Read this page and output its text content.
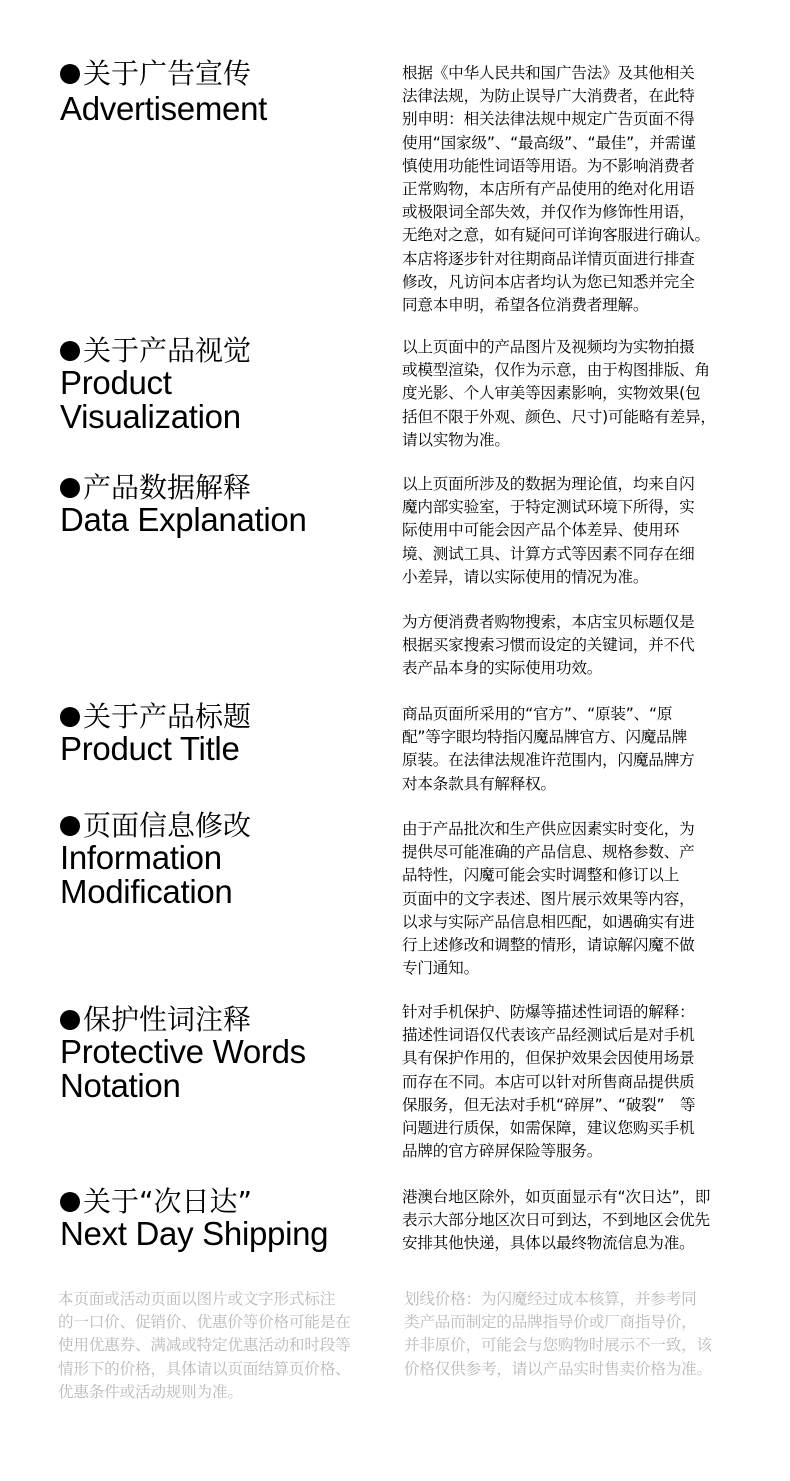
关于广告宣传
Advertisement
根据《中华人民共和国广告法》及其他相关
法律法规，为防止误导广大消费者，在此特
别申明：相关法律法规中规定广告页面不得
使用“国家级”、“最高级”、“最佳”，并需谨
慎使用功能性词语等用语。为不影响消费者
正常购物，本店所有产品使用的绝对化用语
或极限词全部失效，并仅作为修饰性用语，
无绝对之意，如有疑问可详询客服进行确认。
本店将逐步针对往期商品详情页面进行排查
修改，凡访问本店者均认为您已知悉并完全
同意本申明，希望各位消费者理解。
关于产品视觉
Product
Visualization
以上页面中的产品图片及视频均为实物拍摄
或模型渲染，仅作为示意，由于构图排版、角
度光影、个人审美等因素影响，实物效果(包
括但不限于外观、颜色、尺寸)可能略有差异，
请以实物为准。
产品数据解释
Data Explanation
以上页面所涉及的数据为理论值，均来自闪
魔内部实验室，于特定测试环境下所得，实
际使用中可能会因产品个体差异、使用环
境、测试工具、计算方式等因素不同存在细
小差异，请以实际使用的情况为准。
为方便消费者购物搜索，本店宝贝标题仅是
根据买家搜索习惯而设定的关键词，并不代
表产品本身的实际使用功效。
关于产品标题
Product Title
商品页面所采用的“官方”、“原装”、“原
配”等字眼均特指闪魔品牌官方、闪魔品牌
原装。在法律法规准许范围内，闪魔品牌方
对本条款具有解释权。
页面信息修改
Information
Modification
由于产品批次和生产供应因素实时变化，为
提供尽可能准确的产品信息、规格参数、产
品特性，闪魔可能会实时调整和修订以上
页面中的文字表述、图片展示效果等内容，
以求与实际产品信息相匹配，如遇确实有进
行上述修改和调整的情形，请谅解闪魔不做
专门通知。
保护性词注释
Protective Words
Notation
针对手机保护、防爆等描述性词语的解释：
描述性词语仅代表该产品经测试后是对手机
具有保护作用的，但保护效果会因使用场景
而存在不同。本店可以针对所售商品提供质
保服务，但无法对手机“碎屏”、“破裂”　等
问题进行质保，如需保障，建议您购买手机
品牌的官方碎屏保险等服务。
关于“次日达”
Next Day Shipping
港澳台地区除外，如页面显示有“次日达”，即
表示大部分地区次日可到达，不到地区会优先
安排其他快递，具体以最终物流信息为准。
本页面或活动页面以图片或文字形式标注
的一口价、促销价、优惠价等价格可能是在
使用优惠券、满减或特定优惠活动和时段等
情形下的价格，具体请以页面结算页价格、
优惠条件或活动规则为准。
划线价格：为闪魔经过成本核算，并参考同
类产品而制定的品牌指导价或厂商指导价，
并非原价，可能会与您购物时展示不一致，该
价格仅供参考，请以产品实时售卖价格为准。
